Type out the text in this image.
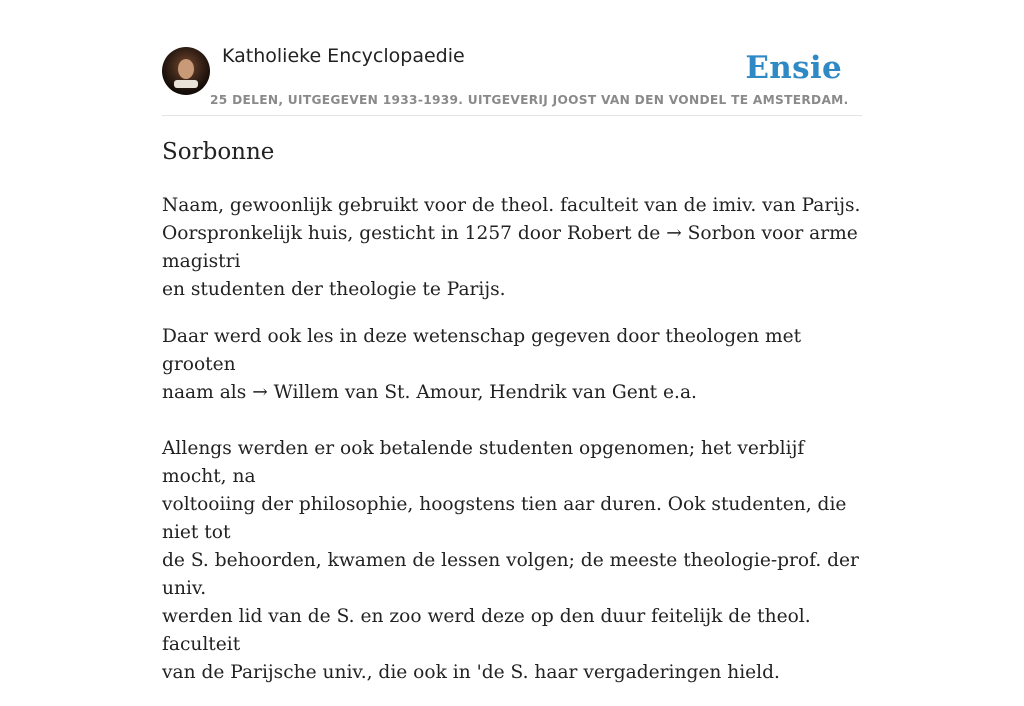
Katholieke Encyclopaedie	Ensie
25 DELEN, UITGEGEVEN 1933-1939. UITGEVERIJ JOOST VAN DEN VONDEL TE AMSTERDAM.
Sorbonne

Naam, gewoonlijk gebruikt voor de theol. faculteit van de imiv. van Parijs.
Oorspronkelijk huis, gesticht in 1257 door Robert de → Sorbon voor arme magistri
en studenten der theologie te Parijs.

Daar werd ook les in deze wetenschap gegeven door theologen met grooten
naam als → Willem van St. Amour, Hendrik van Gent e.a.

Allengs werden er ook betalende studenten opgenomen; het verblijf mocht, na
voltooiing der philosophie, hoogstens tien aar duren. Ook studenten, die niet tot
de S. behoorden, kwamen de lessen volgen; de meeste theologie-prof. der univ.
werden lid van de S. en zoo werd deze op den duur feitelijk de theol. faculteit
van de Parijsche univ., die ook in 'de S. haar vergaderingen hield.
